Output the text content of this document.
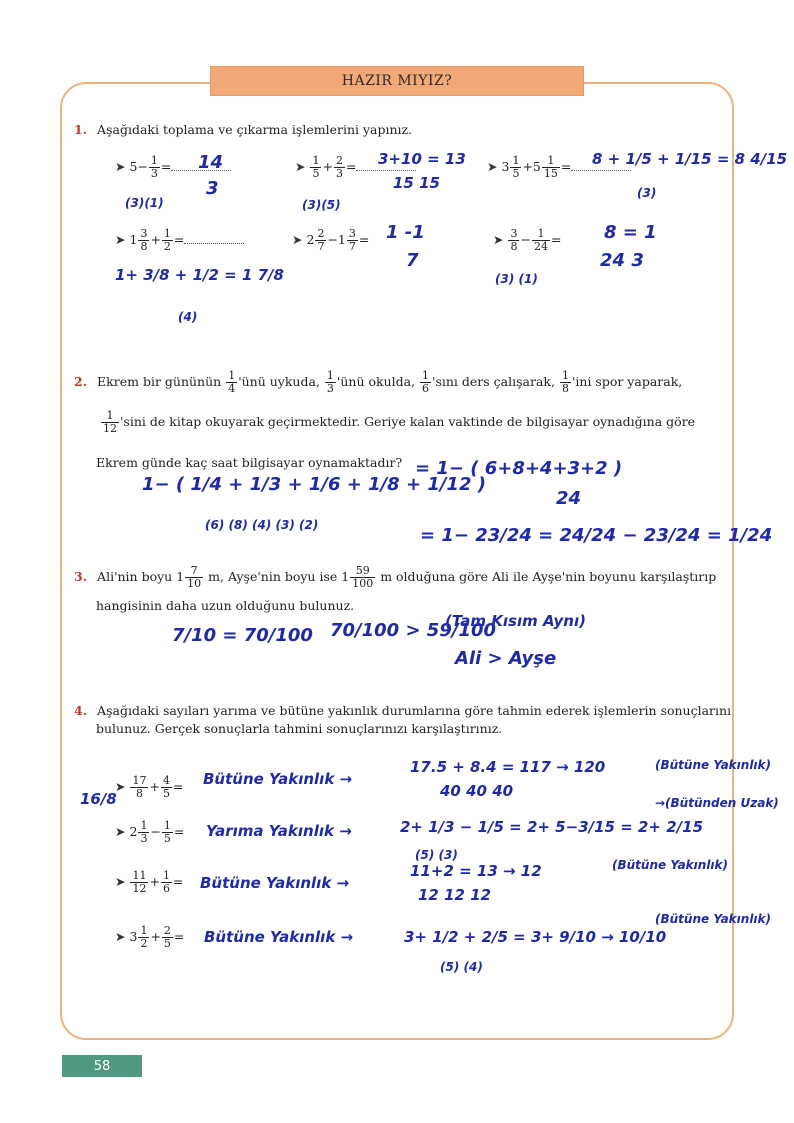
HAZIR MIYIZ?
1. Aşağıdaki toplama ve çıkarma işlemlerini yapınız.
➤ $5- \frac{1}{3}$ =	➤ $\frac{1}{5} + \frac{2}{3}$ =	➤ $3 \frac{1}{5} +5 \frac{1}{15}$ =
➤ $1 \frac{3}{8} + \frac{1}{2}$ =	➤ $2 \frac{2}{7} -1 \frac{3}{7}$ =	➤ $\frac{3}{8} - \frac{1}{24}$ =
14
3
(3)(1)
3+10 = 13
15 15
(3)(5)
8 + 1/5 + 1/15 = 8 4/15
(3)
1+ 3/8 + 1/2 = 1 7/8
(4)
1 -1
7
8 = 1
24 3
(3) (1)
2. Ekrem bir gününün $\frac{1}{4}$ 'ünü uykuda, $\frac{1}{3}$ 'ünü okulda, $\frac{1}{6}$ 'sını ders çalışarak, $\frac{1}{8}$ 'ini spor yaparak,
$\frac{1}{12}$ 'sini de kitap okuyarak geçirmektedir. Geriye kalan vaktinde de bilgisayar oynadığına göre
Ekrem günde kaç saat bilgisayar oynamaktadır?
1− ( 1/4 + 1/3 + 1/6 + 1/8 + 1/12 )
(6) (8) (4) (3) (2)
= 1− ( 6+8+4+3+2 )
24
= 1− 23/24 = 24/24 − 23/24 = 1/24
3. Ali'nin boyu $1 \frac{7}{10} m$, Ayşe'nin boyu ise $1 \frac{59}{100}$ m olduğuna göre Ali ile Ayşe'nin boyunu karşılaştırıp
hangisinin daha uzun olduğunu bulunuz.
7/10 = 70/100 70/100 > 59/100
(Tam Kısım Aynı)
Ali > Ayşe
4. Aşağıdaki sayıları yarıma ve bütüne yakınlık durumlarına göre tahmin ederek işlemlerin sonuçlarını
bulunuz. Gerçek sonuçlarla tahmini sonuçlarınızı karşılaştırınız.
➤ $\frac{17}{8} + \frac{4}{5}$ =
➤ $2 \frac{1}{3} - \frac{1}{5}$ =
➤ $\frac{11}{12} + \frac{1}{6}$ =
➤ $3 \frac{1}{2} + \frac{2}{5}$ =
16/8
Bütüne Yakınlık →
17.5 + 8.4 = 117 → 120
40 40 40
(Bütüne Yakınlık)
Yarıma Yakınlık →	2+ 1/3 − 1/5 = 2+ 5−3/15 = 2+ 2/15
(5) (3)
→(Bütünden Uzak)
Bütüne Yakınlık →
11+2 = 13 → 12
12 12 12
(Bütüne Yakınlık)
Bütüne Yakınlık →	3+ 1/2 + 2/5 = 3+ 9/10 → 10/10
(5) (4)
(Bütüne Yakınlık)
58
